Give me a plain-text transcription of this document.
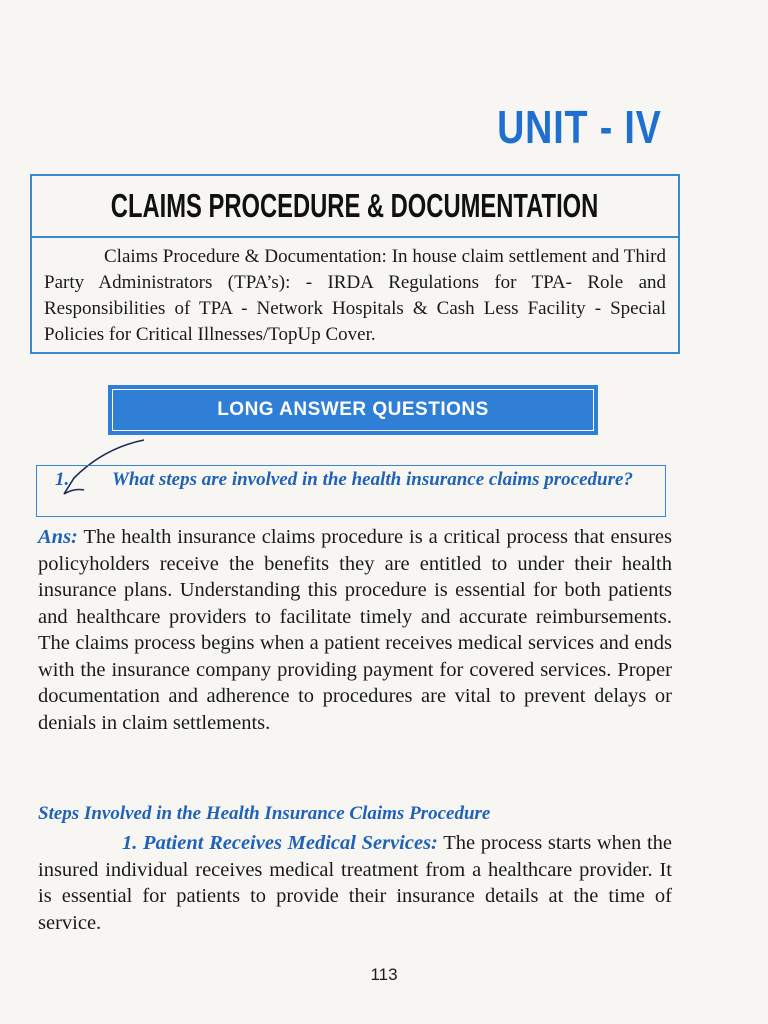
UNIT - IV
CLAIMS PROCEDURE & DOCUMENTATION
Claims Procedure & Documentation: In house claim settlement and Third Party Administrators (TPA’s): - IRDA Regulations for TPA- Role and Responsibilities of TPA - Network Hospitals & Cash Less Facility - Special Policies for Critical Illnesses/TopUp Cover.
LONG ANSWER QUESTIONS
1. What steps are involved in the health insurance claims procedure?
Ans: The health insurance claims procedure is a critical process that ensures policyholders receive the benefits they are entitled to under their health insurance plans. Understanding this procedure is essential for both patients and healthcare providers to facilitate timely and accurate reimbursements. The claims process begins when a patient receives medical services and ends with the insurance company providing payment for covered services. Proper documentation and adherence to procedures are vital to prevent delays or denials in claim settlements.
Steps Involved in the Health Insurance Claims Procedure
1. Patient Receives Medical Services: The process starts when the insured individual receives medical treatment from a healthcare provider. It is essential for patients to provide their insurance details at the time of service.
113
